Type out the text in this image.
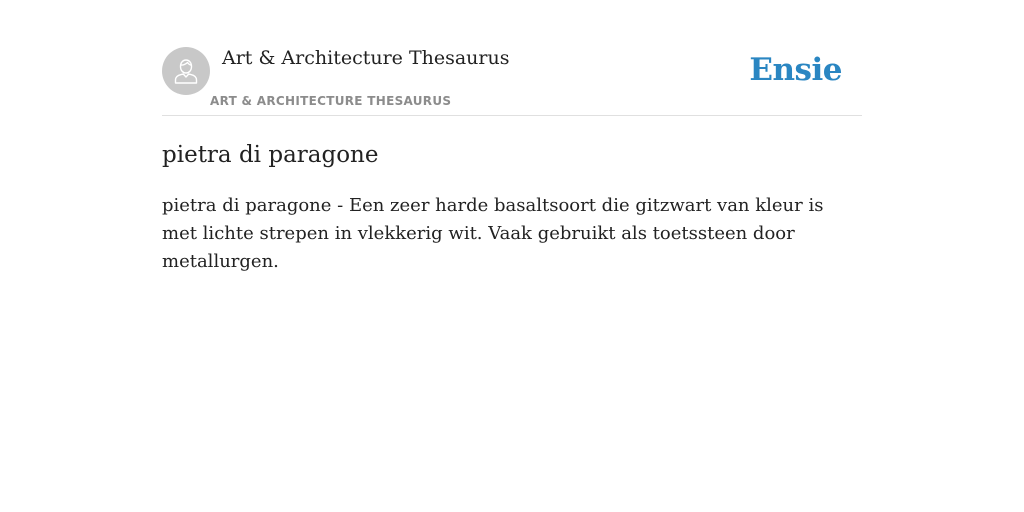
Art & Architecture Thesaurus
ART & ARCHITECTURE THESAURUS
Ensie
pietra di paragone

pietra di paragone - Een zeer harde basaltsoort die gitzwart van kleur is met lichte strepen in vlekkerig wit. Vaak gebruikt als toetssteen door metallurgen.
